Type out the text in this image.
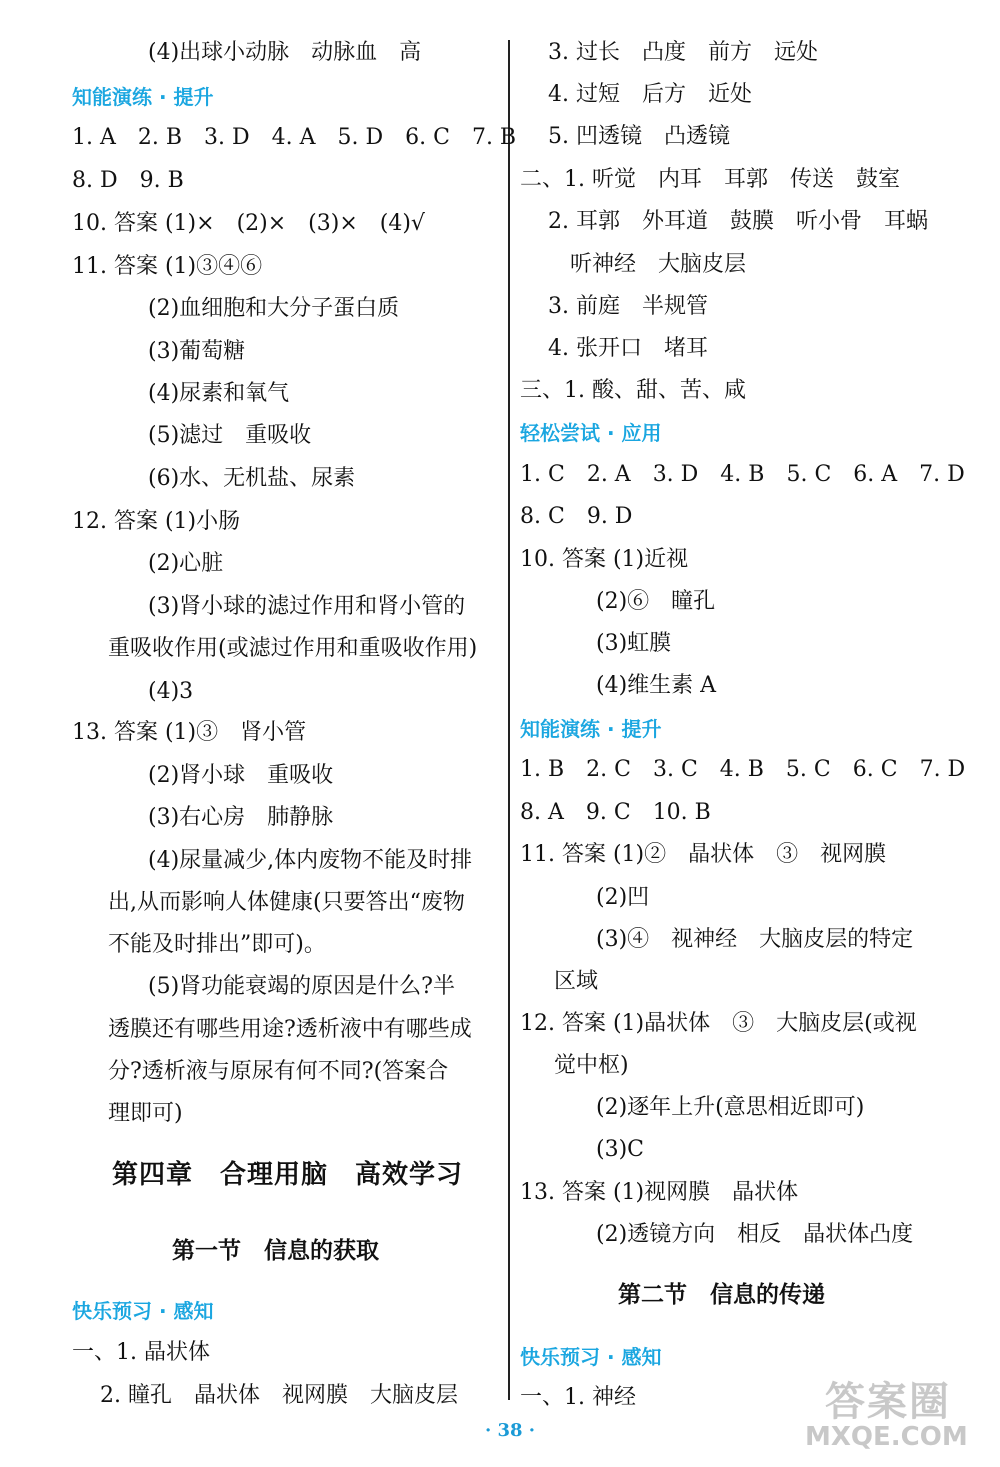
(4)出球小动脉　动脉血　高
知能演练 · 提升
1. A　2. B　3. D　4. A　5. D　6. C　7. B
8. D　9. B
10. 答案 (1)×　(2)×　(3)×　(4)√
11. 答案 (1)③④⑥
(2)血细胞和大分子蛋白质
(3)葡萄糖
(4)尿素和氧气
(5)滤过　重吸收
(6)水、无机盐、尿素
12. 答案 (1)小肠
(2)心脏
(3)肾小球的滤过作用和肾小管的
重吸收作用(或滤过作用和重吸收作用)
(4)3
13. 答案 (1)③　肾小管
(2)肾小球　重吸收
(3)右心房　肺静脉
(4)尿量减少,体内废物不能及时排
出,从而影响人体健康(只要答出“废物
不能及时排出”即可)。
(5)肾功能衰竭的原因是什么?半
透膜还有哪些用途?透析液中有哪些成
分?透析液与原尿有何不同?(答案合
理即可)
第四章　合理用脑　高效学习
第一节　信息的获取
快乐预习 · 感知
一、1. 晶状体
2. 瞳孔　晶状体　视网膜　大脑皮层
3. 过长　凸度　前方　远处
4. 过短　后方　近处
5. 凹透镜　凸透镜
二、1. 听觉　内耳　耳郭　传送　鼓室
2. 耳郭　外耳道　鼓膜　听小骨　耳蜗
听神经　大脑皮层
3. 前庭　半规管
4. 张开口　堵耳
三、1. 酸、甜、苦、咸
轻松尝试 · 应用
1. C　2. A　3. D　4. B　5. C　6. A　7. D
8. C　9. D
10. 答案 (1)近视
(2)⑥　瞳孔
(3)虹膜
(4)维生素 A
知能演练 · 提升
1. B　2. C　3. C　4. B　5. C　6. C　7. D
8. A　9. C　10. B
11. 答案 (1)②　晶状体　③　视网膜
(2)凹
(3)④　视神经　大脑皮层的特定
区域
12. 答案 (1)晶状体　③　大脑皮层(或视
觉中枢)
(2)逐年上升(意思相近即可)
(3)C
13. 答案 (1)视网膜　晶状体
(2)透镜方向　相反　晶状体凸度
第二节　信息的传递
快乐预习 · 感知
一、1. 神经
· 38 ·
答案圈
MXQE.COM
